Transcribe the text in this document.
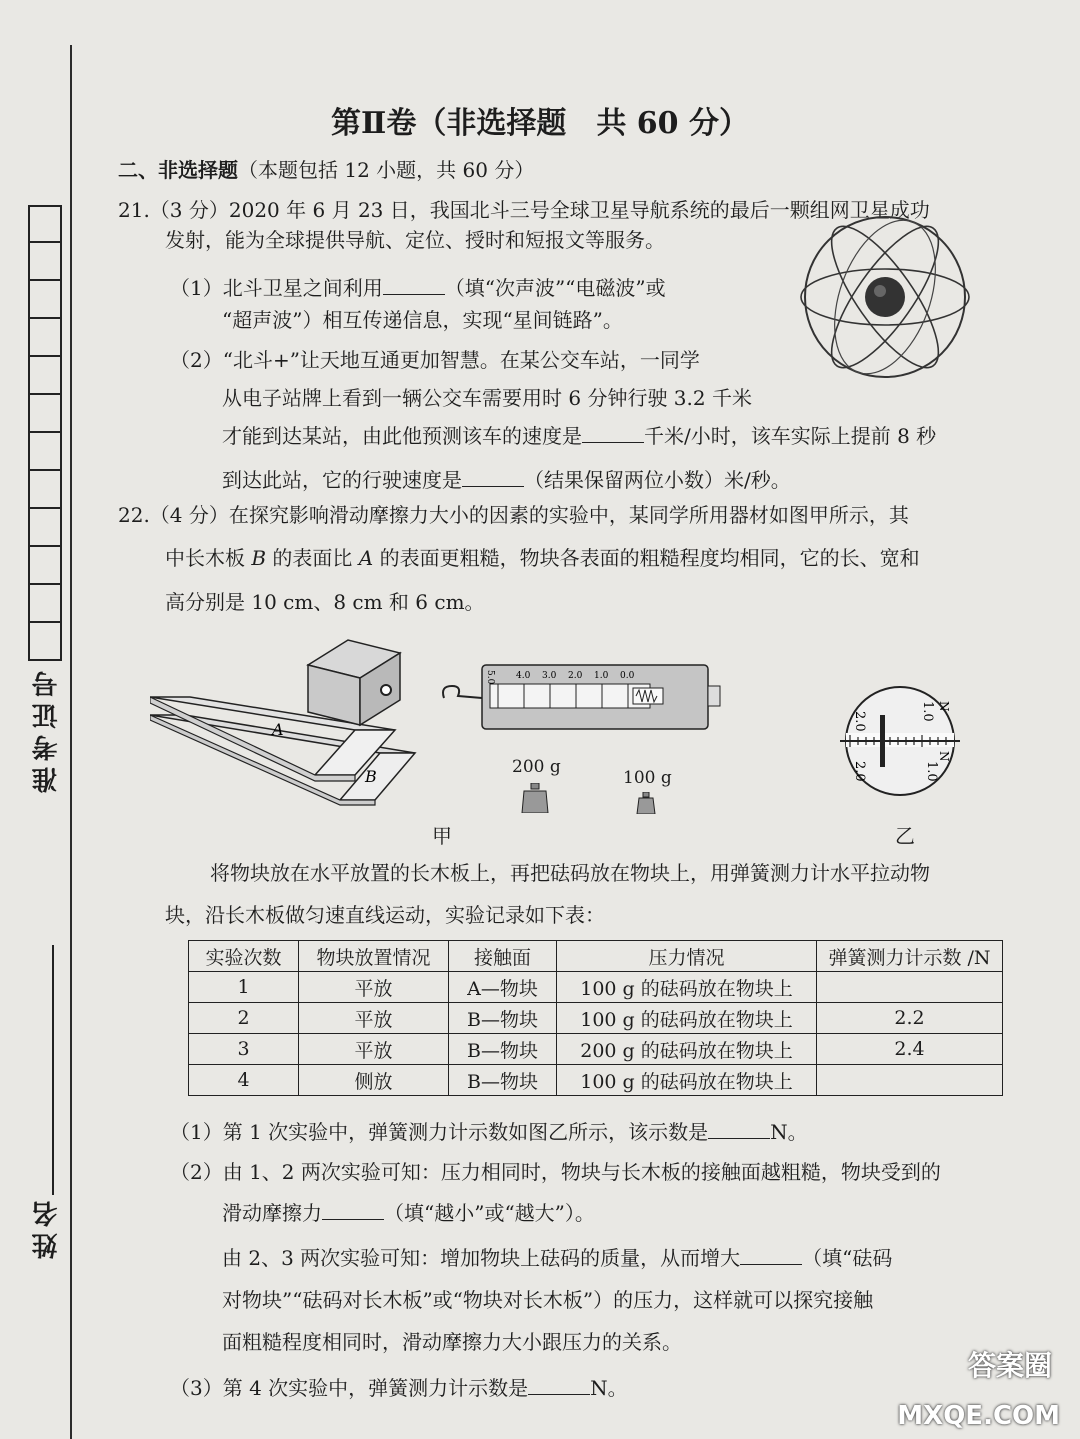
准考证号
姓名
第Ⅱ卷（非选择题　共 60 分）
二、非选择题（本题包括 12 小题，共 60 分）
21.（3 分）2020 年 6 月 23 日，我国北斗三号全球卫星导航系统的最后一颗组网卫星成功
发射，能为全球提供导航、定位、授时和短报文等服务。
（1）北斗卫星之间利用	（填“次声波”“电磁波”或
“超声波”）相互传递信息，实现“星间链路”。
（2）“北斗+”让天地互通更加智慧。在某公交车站，一同学
从电子站牌上看到一辆公交车需要用时 6 分钟行驶 3.2 千米
才能到达某站，由此他预测该车的速度是	千米/小时，该车实际上提前 8 秒
到达此站，它的行驶速度是	（结果保留两位小数）米/秒。
22.（4 分）在探究影响滑动摩擦力大小的因素的实验中，某同学所用器材如图甲所示，其
中长木板 B 的表面比 A 的表面更粗糙，物块各表面的粗糙程度均相同，它的长、宽和
高分别是 10 cm、8 cm 和 6 cm。
A
B
5.0 4.0 3.0 2.0 1.0 0.0
200 g
100 g
甲
2.0	1.0 N
2.0	1.0
N
乙
将物块放在水平放置的长木板上，再把砝码放在物块上，用弹簧测力计水平拉动物
块，沿长木板做匀速直线运动，实验记录如下表：
实验次数	物块放置情况	接触面	压力情况	弹簧测力计示数 /N
1	平放	A—物块	100 g 的砝码放在物块上	
2	平放	B—物块	100 g 的砝码放在物块上	2.2
3	平放	B—物块	200 g 的砝码放在物块上	2.4
4	侧放	B—物块	100 g 的砝码放在物块上	
（1）第 1 次实验中，弹簧测力计示数如图乙所示，该示数是	N。
（2）由 1、2 两次实验可知：压力相同时，物块与长木板的接触面越粗糙，物块受到的
滑动摩擦力	（填“越小”或“越大”）。
由 2、3 两次实验可知：增加物块上砝码的质量，从而增大	（填“砝码
对物块”“砝码对长木板”或“物块对长木板”）的压力，这样就可以探究接触
面粗糙程度相同时，滑动摩擦力大小跟压力的关系。
（3）第 4 次实验中，弹簧测力计示数是	N。
答案圈
MXQE.COM
